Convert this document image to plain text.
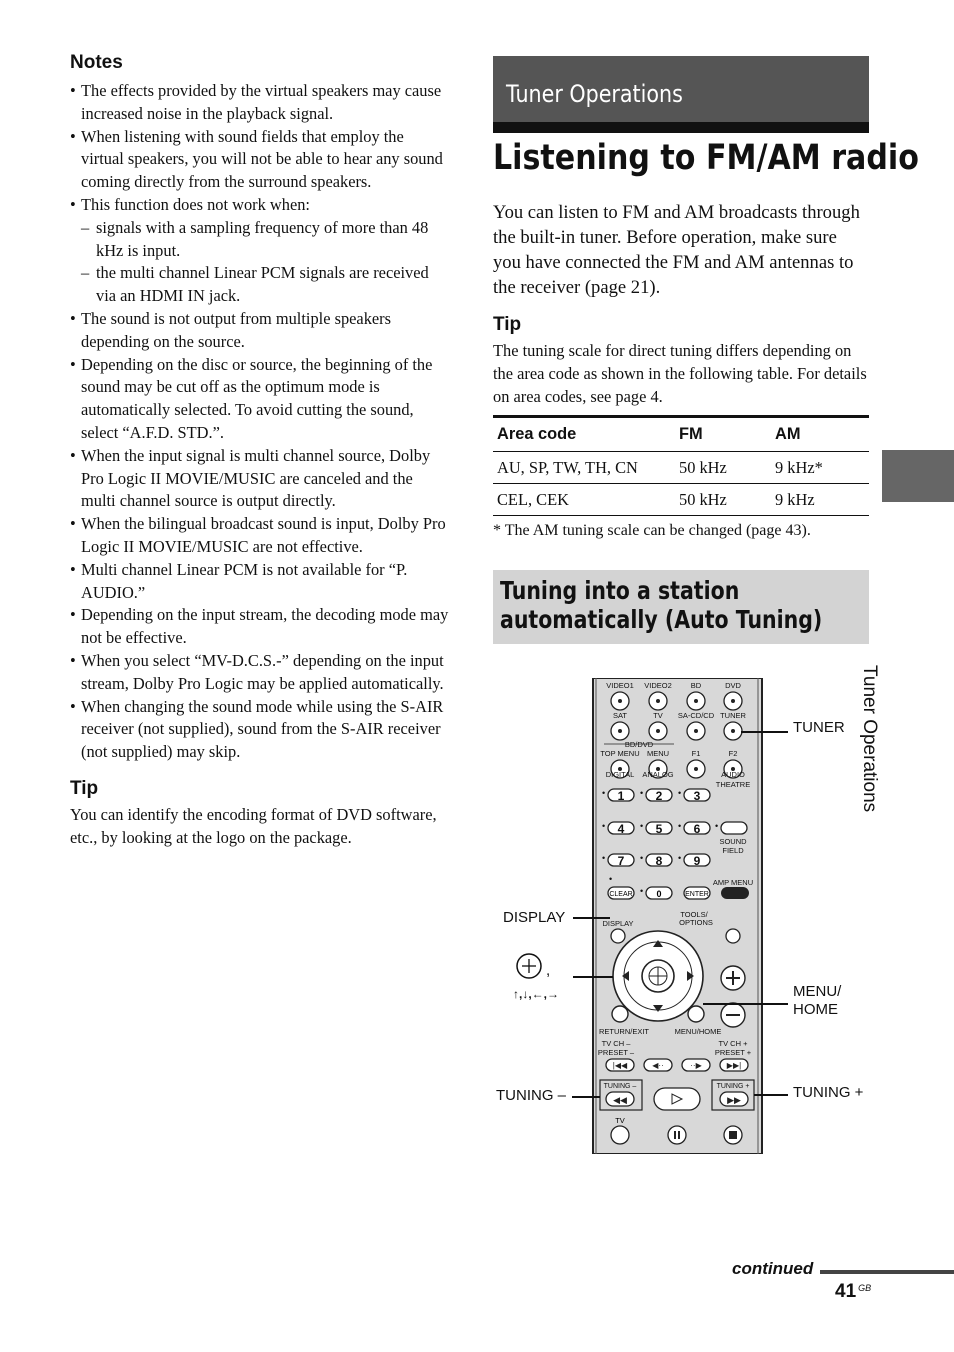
Notes
• The effects provided by the virtual speakers may cause increased noise in the playback signal.
• When listening with sound fields that employ the virtual speakers, you will not be able to hear any sound coming directly from the surround speakers.
• This function does not work when:
– signals with a sampling frequency of more than 48 kHz is input.
– the multi channel Linear PCM signals are received via an HDMI IN jack.
• The sound is not output from multiple speakers depending on the source.
• Depending on the disc or source, the beginning of the sound may be cut off as the optimum mode is automatically selected. To avoid cutting the sound, select “A.F.D. STD.”.
• When the input signal is multi channel source, Dolby Pro Logic II MOVIE/MUSIC are canceled and the multi channel source is output directly.
• When the bilingual broadcast sound is input, Dolby Pro Logic II MOVIE/MUSIC are not effective.
• Multi channel Linear PCM is not available for “P. AUDIO.”
• Depending on the input stream, the decoding mode may not be effective.
• When you select “MV-D.C.S.-” depending on the input stream, Dolby Pro Logic may be applied automatically.
• When changing the sound mode while using the S-AIR receiver (not supplied), sound from the S-AIR receiver (not supplied) may skip.
Tip

You can identify the encoding format of DVD software, etc., by looking at the logo on the package.

Tuner Operations
Listening to FM/AM radio

You can listen to FM and AM broadcasts through the built-in tuner. Before operation, make sure you have connected the FM and AM antennas to the receiver (page 21).

Tip

The tuning scale for direct tuning differs depending on the area code as shown in the following table. For details on area codes, see page 4.

Area code	FM	AM
AU, SP, TW, TH, CN	50 kHz	9 kHz*
CEL, CEK	50 kHz	9 kHz

* The AM tuning scale can be changed (page 43).

Tuning into a station
automatically (Auto Tuning)
Tuner Operations
VIDEO1 VIDEO2	BD	DVD
SAT	TV SA-CD/CD TUNER
BD/DVD
TOP MENU MENU	F1	F2
DIGITAL ANALOG	AUDIO
THEATRE
1	2	3
4	5	6
7	8	9
0
CLEAR	ENTER
SOUND
FIELD
AMP MENU
•	•	•
•	•	•	•
•	•	•
•
•
DISPLAY
TOOLS/
OPTIONS
RETURN/EXIT	MENU/HOME
TV CH –
PRESET –
TV CH +
PRESET +
|◀◀	◀··	··▶	▶▶|
TUNING –	TUNING +
◀◀	▶▶
TV
TUNER
DISPLAY
,
↑,↓,←,→	MENU/
HOME
TUNING –	TUNING +
continued
41 $^{GB}$
